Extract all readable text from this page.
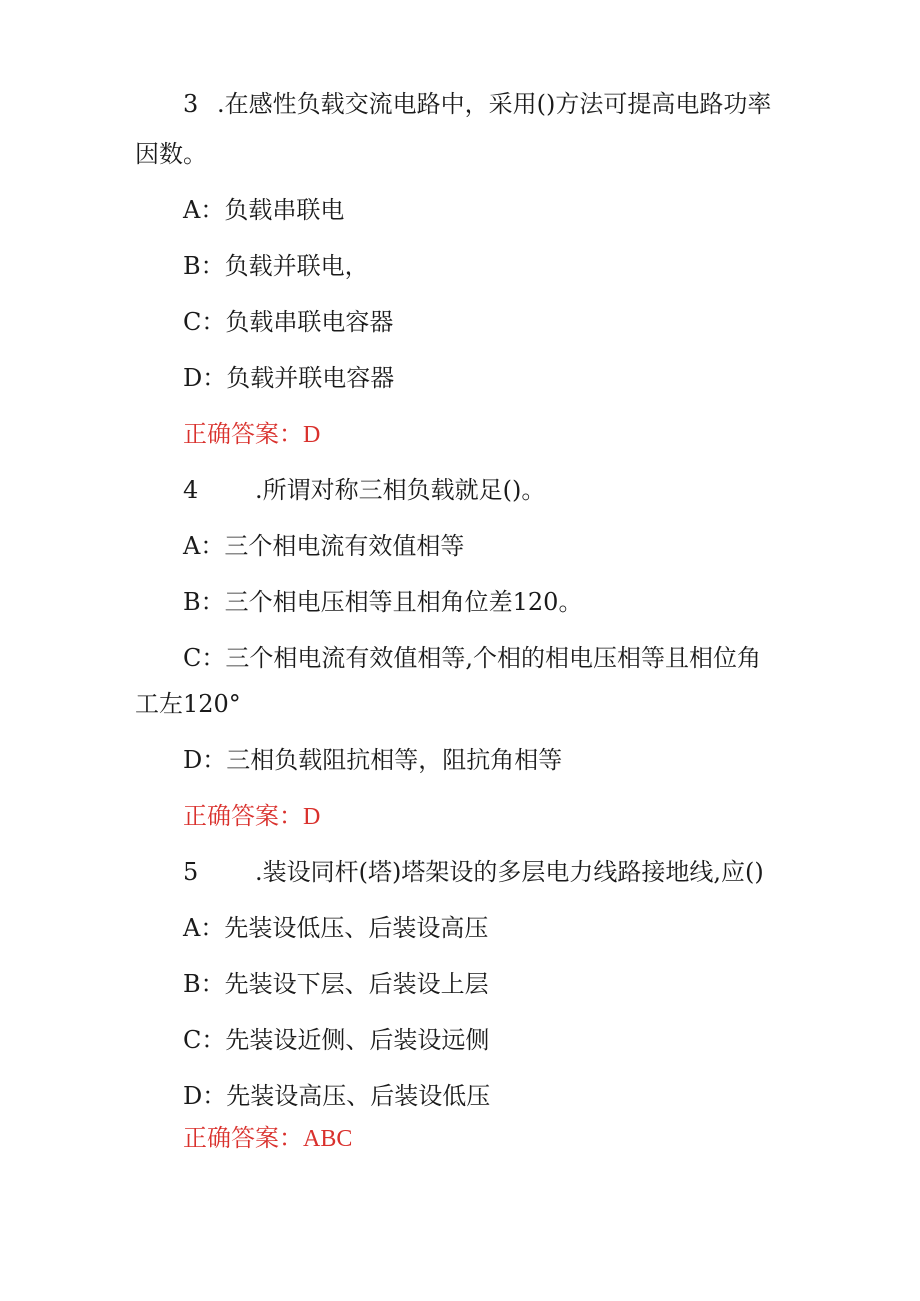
3 .在感性负载交流电路中，采用()方法可提高电路功率
因数。
A：负载串联电
B：负载并联电，
C：负载串联电容器
D：负载并联电容器
正确答案：D
4 .所谓对称三相负载就足()。
A：三个相电流有效值相等
B：三个相电压相等且相角位差120。
C：三个相电流有效值相等,个相的相电压相等且相位角
工左120°
D：三相负载阻抗相等，阻抗角相等
正确答案：D
5 .装设同杆(塔)塔架设的多层电力线路接地线,应()
A：先装设低压、后装设高压
B：先装设下层、后装设上层
C：先装设近侧、后装设远侧
D：先装设高压、后装设低压
正确答案：ABC
